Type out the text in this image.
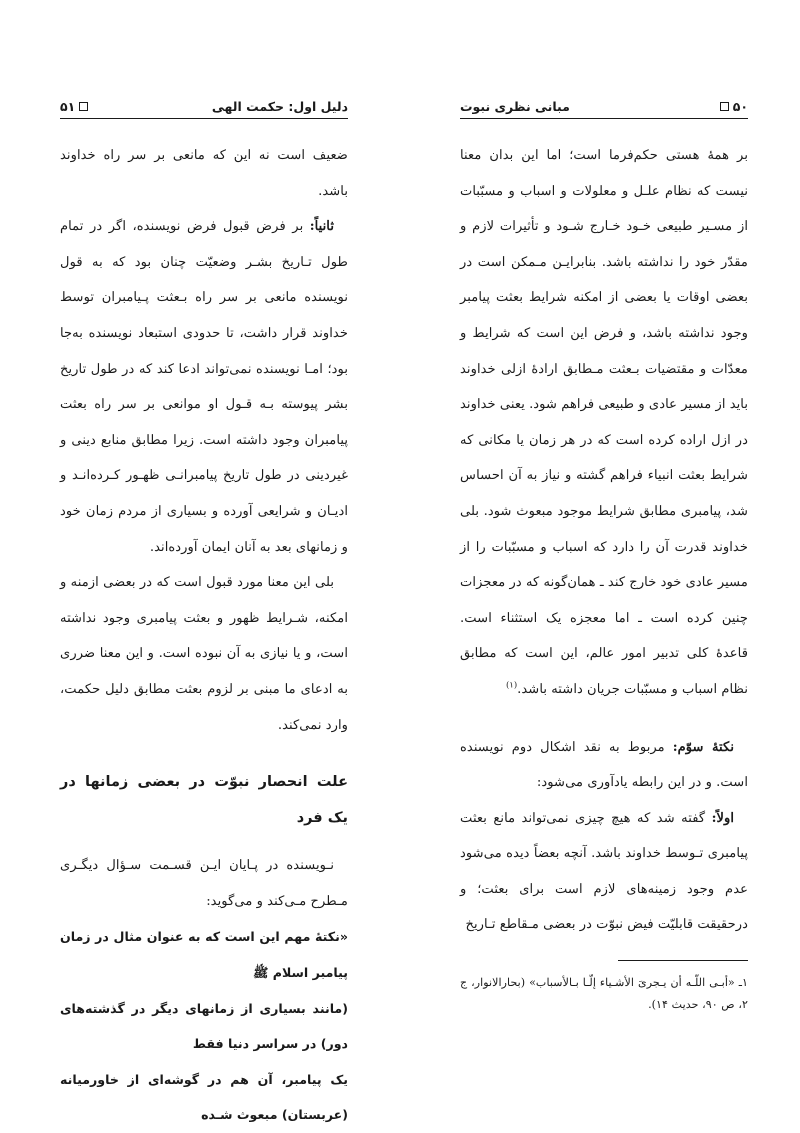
دلیل اول: حکمت الهی
۵۱

ضعیف است نه این که مانعی بر سر راه خداوند باشد.

ثانیاً: بر فرض قبول فرض نویسنده، اگر در تمام طول تـاریخ بشـر وضعیّت چنان بود که به قول نویسنده مانعی بر سر راه بـعثت پـیامبران توسط خداوند قرار داشت، تا حدودی استبعاد نویسنده به‌جا بود؛ امـا نویسنده نمی‌تواند ادعا کند که در طول تاریخ بشر پیوسته بـه قـول او موانعی بر سر راه بعثت پیامبران وجود داشته است. زیرا مطابق منابع دینی و غیردینی در طول تاریخ پیامبرانـی ظهـور کـرده‌انـد و ادیـان و شرایعی آورده و بسیاری از مردم زمان خود و زمانهای بعد به آنان ایمان آورده‌اند.

بلی این معنا مورد قبول است که در بعضی ازمنه و امکنه، شـرایط ظهور و بعثت پیامبری وجود نداشته است، و یا نیازی به آن نبوده است. و این معنا ضرری به ادعای ما مبنی بر لزوم بعثت مطابق دلیل حکمت، وارد نمی‌کند.

علت انحصار نبوّت در بعضی زمانها در یک فرد

نـویسنده در پـایان ایـن قسـمت سـؤال دیگـری مـطرح مـی‌کند و می‌گوید:

«نکتهٔ مهم این است که به عنوان مثال در زمان پیامبر اسلام ﷺ

(مانند بسیاری از زمانهای دیگر در گذشته‌های دور) در سراسر دنیا فقط

یک پیامبر، آن هم در گوشه‌ای از خاورمیانه (عربستان) مبعوث شـده

۵۰
مبانی نظری نبوت

بر همهٔ هستی حکم‌فرما است؛ اما این بدان معنا نیست که نظام علـل و معلولات و اسباب و مسبّبات از مسـیر طبیعی خـود خـارج شـود و تأثیرات لازم و مقدّر خود را نداشته باشد. بنابرایـن مـمکن است در بعضی اوقات یا بعضی از امکنه شرایط بعثت پیامبر وجود نداشته باشد، و فرض این است که شرایط و معدّات و مقتضیات بـعثت مـطابق ارادهٔ ازلی خداوند باید از مسیر عادی و طبیعی فراهم شود. یعنی خداوند در ازل اراده کرده است که در هر زمان یا مکانی که شرایط بعثت انبیاء فراهم گشته و نیاز به آن احساس شد، پیامبری مطابق شرایط موجود مبعوث شود. بلی خداوند قدرت آن را دارد که اسباب و مسبّبات را از مسیر عادی خود خارج کند ـ همان‌گونه که در معجزات چنین کرده است ـ اما معجزه یک استثناء است. قاعدهٔ کلی تدبیر امور عالم، این است که مطابق نظام اسباب و مسبّبات جریان داشته باشد.$^{(۱)}$

نکتهٔ سوّم: مربوط به نقد اشکال دوم نویسنده است. و در این رابطه یادآوری می‌شود:

اولاً: گفته شد که هیچ چیزی نمی‌تواند مانع بعثت پیامبری تـوسط خداوند باشد. آنچه بعضاً دیده می‌شود عدم وجود زمینه‌های لازم است برای بعثت؛ و درحقیقت قابلیّت فیض نبوّت در بعضی مـقاطع تـاریخ

۱ـ «أبـی اللّـه أن یـجریَ الأشـیاء إلّـا بـالأسباب» (بحارالانوار، ج ۲، ص ۹۰، حدیث ۱۴).
